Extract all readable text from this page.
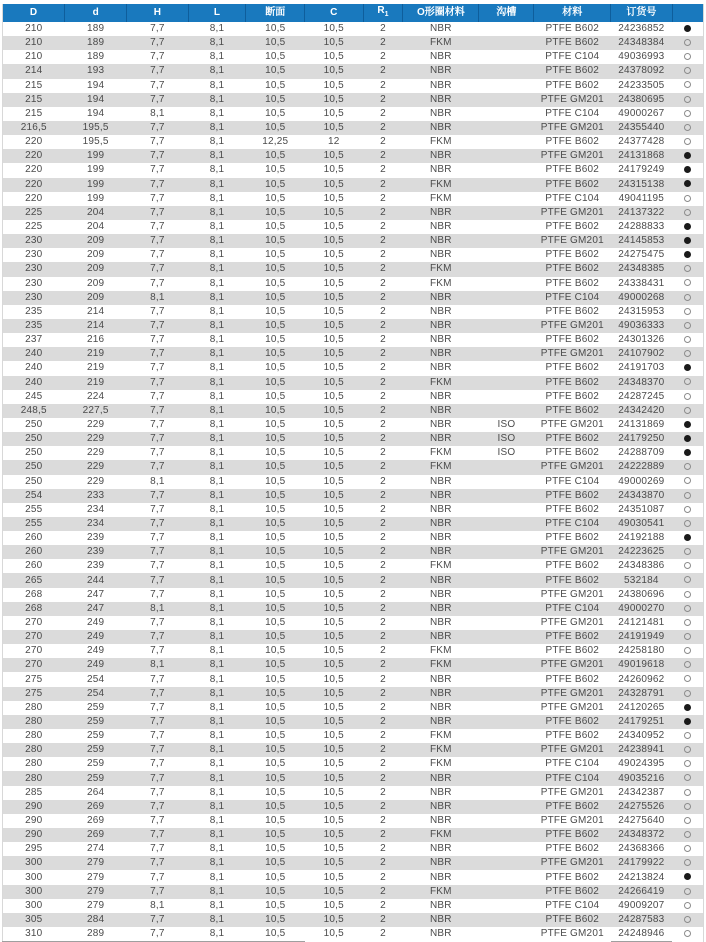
D	d	H	L	断面	C	$R_1$	O形圈材料	沟槽	材料	订货号	
210	189	7,7	8,1	10,5	10,5	2	NBR		PTFE B602	24236852	
210	189	7,7	8,1	10,5	10,5	2	FKM		PTFE B602	24348384	
210	189	7,7	8,1	10,5	10,5	2	NBR		PTFE C104	49036993	
214	193	7,7	8,1	10,5	10,5	2	NBR		PTFE B602	24378092	
215	194	7,7	8,1	10,5	10,5	2	NBR		PTFE B602	24233505	
215	194	7,7	8,1	10,5	10,5	2	NBR		PTFE GM201	24380695	
215	194	8,1	8,1	10,5	10,5	2	NBR		PTFE C104	49000267	
216,5	195,5	7,7	8,1	10,5	10,5	2	NBR		PTFE GM201	24355440	
220	195,5	7,7	8,1	12,25	12	2	FKM		PTFE B602	24377428	
220	199	7,7	8,1	10,5	10,5	2	NBR		PTFE GM201	24131868	
220	199	7,7	8,1	10,5	10,5	2	NBR		PTFE B602	24179249	
220	199	7,7	8,1	10,5	10,5	2	FKM		PTFE B602	24315138	
220	199	7,7	8,1	10,5	10,5	2	FKM		PTFE C104	49041195	
225	204	7,7	8,1	10,5	10,5	2	NBR		PTFE GM201	24137322	
225	204	7,7	8,1	10,5	10,5	2	NBR		PTFE B602	24288833	
230	209	7,7	8,1	10,5	10,5	2	NBR		PTFE GM201	24145853	
230	209	7,7	8,1	10,5	10,5	2	NBR		PTFE B602	24275475	
230	209	7,7	8,1	10,5	10,5	2	FKM		PTFE B602	24348385	
230	209	7,7	8,1	10,5	10,5	2	FKM		PTFE B602	24338431	
230	209	8,1	8,1	10,5	10,5	2	NBR		PTFE C104	49000268	
235	214	7,7	8,1	10,5	10,5	2	NBR		PTFE B602	24315953	
235	214	7,7	8,1	10,5	10,5	2	NBR		PTFE GM201	49036333	
237	216	7,7	8,1	10,5	10,5	2	NBR		PTFE B602	24301326	
240	219	7,7	8,1	10,5	10,5	2	NBR		PTFE GM201	24107902	
240	219	7,7	8,1	10,5	10,5	2	NBR		PTFE B602	24191703	
240	219	7,7	8,1	10,5	10,5	2	FKM		PTFE B602	24348370	
245	224	7,7	8,1	10,5	10,5	2	NBR		PTFE B602	24287245	
248,5	227,5	7,7	8,1	10,5	10,5	2	NBR		PTFE B602	24342420	
250	229	7,7	8,1	10,5	10,5	2	NBR	ISO	PTFE GM201	24131869	
250	229	7,7	8,1	10,5	10,5	2	NBR	ISO	PTFE B602	24179250	
250	229	7,7	8,1	10,5	10,5	2	FKM	ISO	PTFE B602	24288709	
250	229	7,7	8,1	10,5	10,5	2	FKM		PTFE GM201	24222889	
250	229	8,1	8,1	10,5	10,5	2	NBR		PTFE C104	49000269	
254	233	7,7	8,1	10,5	10,5	2	NBR		PTFE B602	24343870	
255	234	7,7	8,1	10,5	10,5	2	NBR		PTFE B602	24351087	
255	234	7,7	8,1	10,5	10,5	2	NBR		PTFE C104	49030541	
260	239	7,7	8,1	10,5	10,5	2	NBR		PTFE B602	24192188	
260	239	7,7	8,1	10,5	10,5	2	NBR		PTFE GM201	24223625	
260	239	7,7	8,1	10,5	10,5	2	FKM		PTFE B602	24348386	
265	244	7,7	8,1	10,5	10,5	2	NBR		PTFE B602	532184	
268	247	7,7	8,1	10,5	10,5	2	NBR		PTFE GM201	24380696	
268	247	8,1	8,1	10,5	10,5	2	NBR		PTFE C104	49000270	
270	249	7,7	8,1	10,5	10,5	2	NBR		PTFE GM201	24121481	
270	249	7,7	8,1	10,5	10,5	2	NBR		PTFE B602	24191949	
270	249	7,7	8,1	10,5	10,5	2	FKM		PTFE B602	24258180	
270	249	8,1	8,1	10,5	10,5	2	FKM		PTFE GM201	49019618	
275	254	7,7	8,1	10,5	10,5	2	NBR		PTFE B602	24260962	
275	254	7,7	8,1	10,5	10,5	2	NBR		PTFE GM201	24328791	
280	259	7,7	8,1	10,5	10,5	2	NBR		PTFE GM201	24120265	
280	259	7,7	8,1	10,5	10,5	2	NBR		PTFE B602	24179251	
280	259	7,7	8,1	10,5	10,5	2	FKM		PTFE B602	24340952	
280	259	7,7	8,1	10,5	10,5	2	FKM		PTFE GM201	24238941	
280	259	7,7	8,1	10,5	10,5	2	FKM		PTFE C104	49024395	
280	259	7,7	8,1	10,5	10,5	2	NBR		PTFE C104	49035216	
285	264	7,7	8,1	10,5	10,5	2	NBR		PTFE GM201	24342387	
290	269	7,7	8,1	10,5	10,5	2	NBR		PTFE B602	24275526	
290	269	7,7	8,1	10,5	10,5	2	NBR		PTFE GM201	24275640	
290	269	7,7	8,1	10,5	10,5	2	FKM		PTFE B602	24348372	
295	274	7,7	8,1	10,5	10,5	2	NBR		PTFE B602	24368366	
300	279	7,7	8,1	10,5	10,5	2	NBR		PTFE GM201	24179922	
300	279	7,7	8,1	10,5	10,5	2	NBR		PTFE B602	24213824	
300	279	7,7	8,1	10,5	10,5	2	FKM		PTFE B602	24266419	
300	279	8,1	8,1	10,5	10,5	2	NBR		PTFE C104	49009207	
305	284	7,7	8,1	10,5	10,5	2	NBR		PTFE B602	24287583	
310	289	7,7	8,1	10,5	10,5	2	NBR		PTFE GM201	24248946	
